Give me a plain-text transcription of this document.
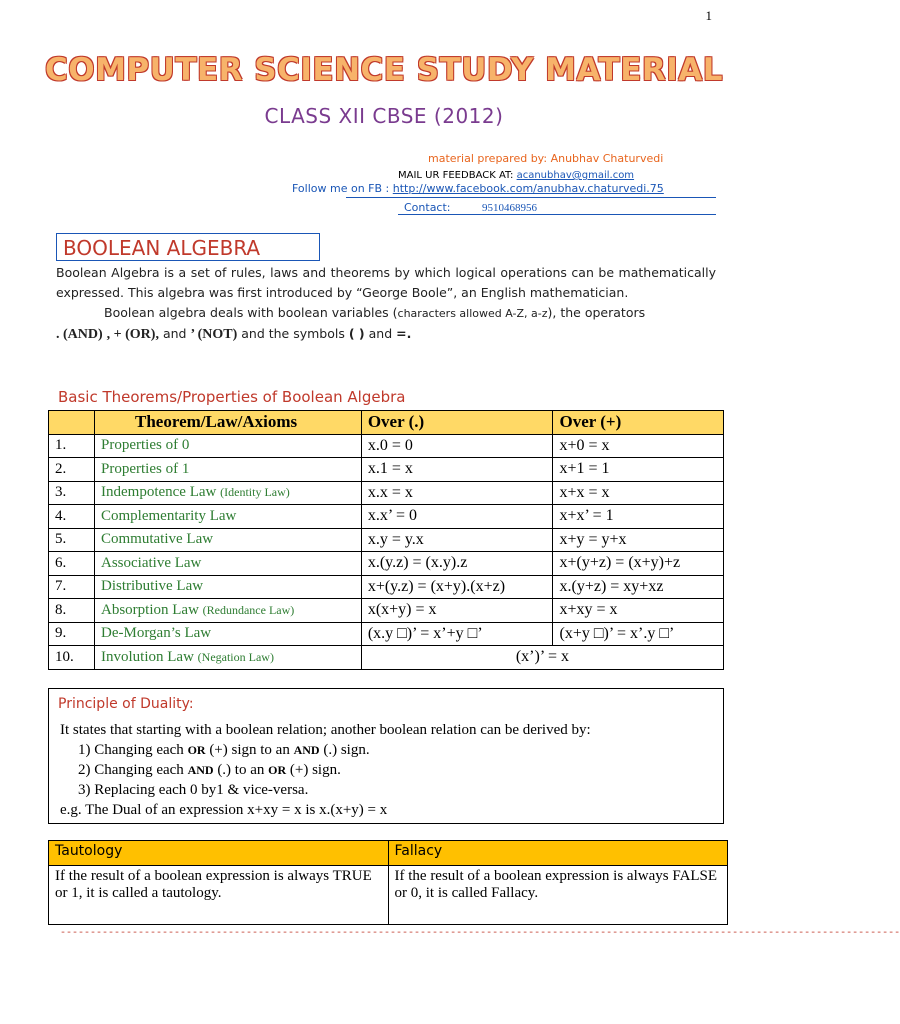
1
COMPUTER SCIENCE STUDY MATERIAL
CLASS XII CBSE (2012)
material prepared by: Anubhav Chaturvedi
MAIL UR FEEDBACK AT: acanubhav@gmail.com
Follow me on FB : http://www.facebook.com/anubhav.chaturvedi.75
Contact:	9510468956
BOOLEAN ALGEBRA

Boolean Algebra is a set of rules, laws and theorems by which logical operations can be mathematically expressed. This algebra was first introduced by “George Boole”, an English mathematician.

Boolean algebra deals with boolean variables (characters allowed A-Z, a-z), the operators

. (AND) , + (OR), and ’ (NOT) and the symbols ( ) and =.

Basic Theorems/Properties of Boolean Algebra
	Theorem/Law/Axioms	Over (.)	Over (+)
1.	Properties of 0	x.0 = 0	x+0 = x
2.	Properties of 1	x.1 = x	x+1 = 1
3.	Indempotence Law (Identity Law)	x.x = x	x+x = x
4.	Complementarity Law	x.x’ = 0	x+x’ = 1
5.	Commutative Law	x.y = y.x	x+y = y+x
6.	Associative Law	x.(y.z) = (x.y).z	x+(y+z) = (x+y)+z
7.	Distributive Law	x+(y.z) = (x+y).(x+z)	x.(y+z) = xy+xz
8.	Absorption Law (Redundance Law)	x(x+y) = x	x+xy = x
9.	De-Morgan’s Law	(x.y □)’ = x’+y □’	(x+y □)’ = x’.y □’
10.	Involution Law (Negation Law)	(x’)’ = x	
Principle of Duality:

It states that starting with a boolean relation; another boolean relation can be derived by:

1) Changing each OR (+) sign to an AND (.) sign.

2) Changing each AND (.) to an OR (+) sign.

3) Replacing each 0 by1 & vice-versa.

e.g. The Dual of an expression x+xy = x is x.(x+y) = x

Tautology	Fallacy
If the result of a boolean expression is always TRUE or 1, it is called a tautology.	If the result of a boolean expression is always FALSE or 0, it is called Fallacy.
--------------------------------------------------------------------------------------------------------------------------------------------
